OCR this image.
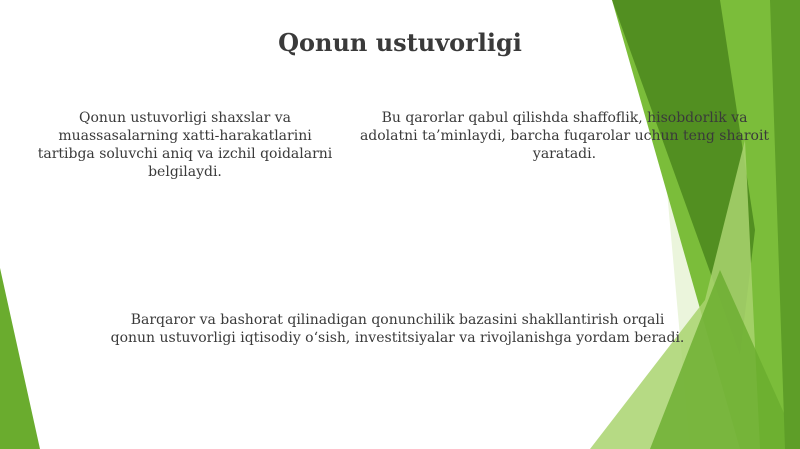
Qonun ustuvorligi
Qonun ustuvorligi shaxslar va muassasalarning xatti-harakatlarini tartibga soluvchi aniq va izchil qoidalarni belgilaydi.
Bu qarorlar qabul qilishda shaffoflik, hisobdorlik va adolatni ta’minlaydi, barcha fuqarolar uchun teng sharoit yaratadi.
Barqaror va bashorat qilinadigan qonunchilik bazasini shakllantirish orqali qonun ustuvorligi iqtisodiy o‘sish, investitsiyalar va rivojlanishga yordam beradi.
